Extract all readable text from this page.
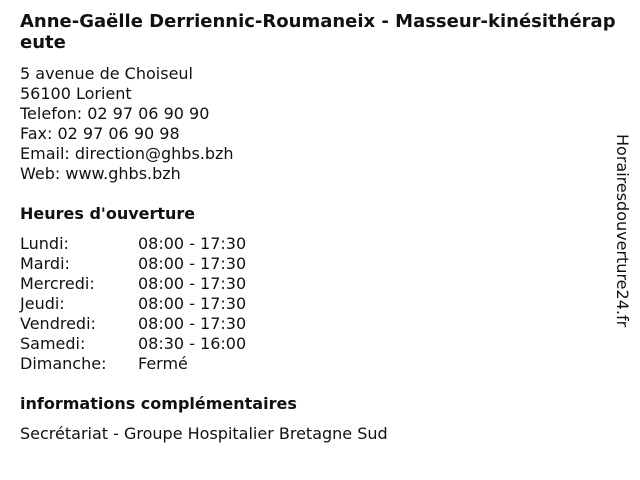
Anne-Gaëlle Derriennic-Roumaneix - Masseur-kinésithérapeute
5 avenue de Choiseul
56100 Lorient
Telefon: 02 97 06 90 90
Fax: 02 97 06 90 98
Email: direction@ghbs.bzh
Web: www.ghbs.bzh
Heures d'ouverture
Lundi:	08:00 - 17:30
Mardi:	08:00 - 17:30
Mercredi:	08:00 - 17:30
Jeudi:	08:00 - 17:30
Vendredi:	08:00 - 17:30
Samedi:	08:30 - 16:00
Dimanche: Fermé
informations complémentaires
Secrétariat - Groupe Hospitalier Bretagne Sud
Horairesdouverture24.fr
